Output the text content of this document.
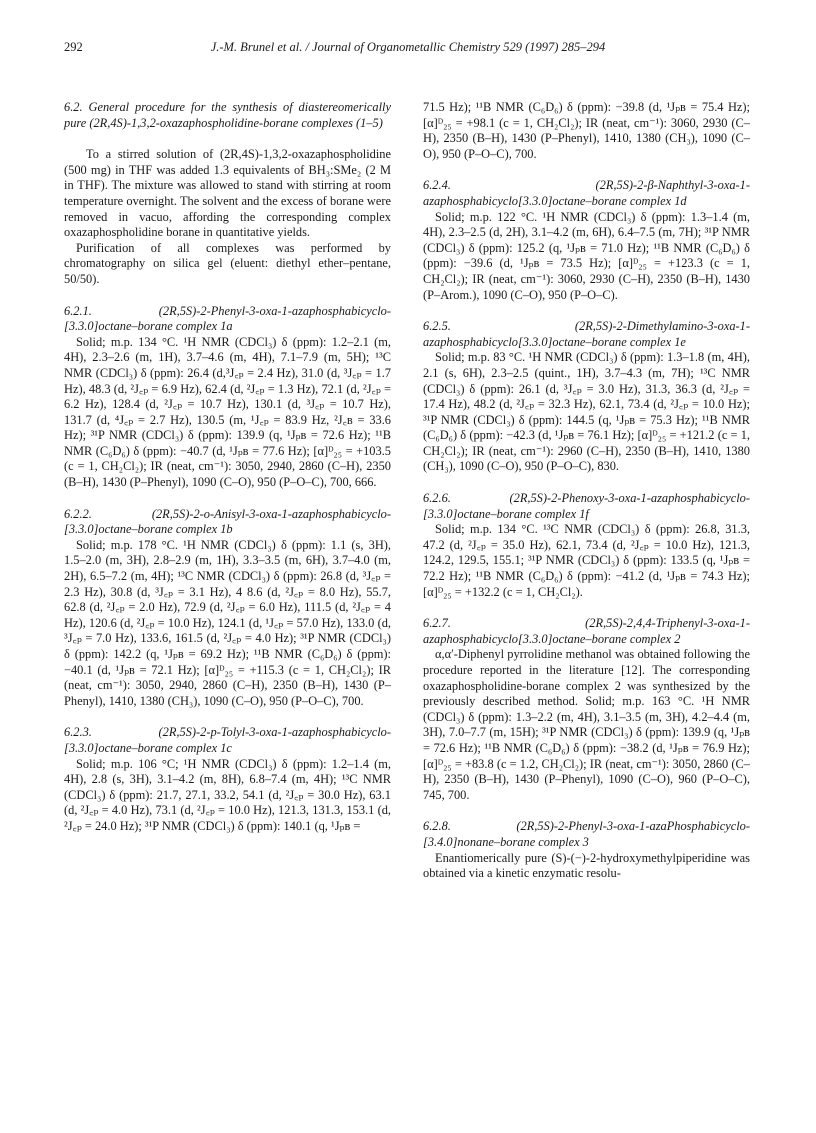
292	J.-M. Brunel et al. / Journal of Organometallic Chemistry 529 (1997) 285–294

6.2. General procedure for the synthesis of diastereomerically pure (2R,4S)-1,3,2-oxazaphospholidine-borane complexes (1–5)

To a stirred solution of (2R,4S)-1,3,2-oxazaphospholidine (500 mg) in THF was added 1.3 equivalents of BH₃:SMe₂ (2 M in THF). The mixture was allowed to stand with stirring at room temperature overnight. The solvent and the excess of borane were removed in vacuo, affording the corresponding complex oxazaphospholidine borane in quantitative yields.

Purification of all complexes was performed by chromatography on silica gel (eluent: diethyl ether–pentane, 50/50).

6.2.1. (2R,5S)-2-Phenyl-3-oxa-1-azaphosphabicyclo-[3.3.0]octane–borane complex 1a

Solid; m.p. 134 °C. ¹H NMR (CDCl₃) δ (ppm): 1.2–2.1 (m, 4H), 2.3–2.6 (m, 1H), 3.7–4.6 (m, 4H), 7.1–7.9 (m, 5H); ¹³C NMR (CDCl₃) δ (ppm): 26.4 (d,³J꜀ₚ = 2.4 Hz), 31.0 (d, ³J꜀ₚ = 1.7 Hz), 48.3 (d, ²J꜀ₚ = 6.9 Hz), 62.4 (d, ²J꜀ₚ = 1.3 Hz), 72.1 (d, ²J꜀ₚ = 6.2 Hz), 128.4 (d, ²J꜀ₚ = 10.7 Hz), 130.1 (d, ³J꜀ₚ = 10.7 Hz), 131.7 (d, ⁴J꜀ₚ = 2.7 Hz), 130.5 (m, ¹J꜀ₚ = 83.9 Hz, ²J꜀ʙ = 33.6 Hz); ³¹P NMR (CDCl₃) δ (ppm): 139.9 (q, ¹Jₚʙ = 72.6 Hz); ¹¹B NMR (C₆D₆) δ (ppm): −40.7 (d, ¹Jₚʙ = 77.6 Hz); [α]ᴰ₂₅ = +103.5 (c = 1, CH₂Cl₂); IR (neat, cm⁻¹): 3050, 2940, 2860 (C–H), 2350 (B–H), 1430 (P–Phenyl), 1090 (C–O), 950 (P–O–C), 700, 666.

6.2.2. (2R,5S)-2-o-Anisyl-3-oxa-1-azaphosphabicyclo-[3.3.0]octane–borane complex 1b

Solid; m.p. 178 °C. ¹H NMR (CDCl₃) δ (ppm): 1.1 (s, 3H), 1.5–2.0 (m, 3H), 2.8–2.9 (m, 1H), 3.3–3.5 (m, 6H), 3.7–4.0 (m, 2H), 6.5–7.2 (m, 4H); ¹³C NMR (CDCl₃) δ (ppm): 26.8 (d, ³J꜀ₚ = 2.3 Hz), 30.8 (d, ³J꜀ₚ = 3.1 Hz), 4 8.6 (d, ²J꜀ₚ = 8.0 Hz), 55.7, 62.8 (d, ²J꜀ₚ = 2.0 Hz), 72.9 (d, ²J꜀ₚ = 6.0 Hz), 111.5 (d, ²J꜀ₚ = 4 Hz), 120.6 (d, ²J꜀ₚ = 10.0 Hz), 124.1 (d, ¹J꜀ₚ = 57.0 Hz), 133.0 (d, ³J꜀ₚ = 7.0 Hz), 133.6, 161.5 (d, ²J꜀ₚ = 4.0 Hz); ³¹P NMR (CDCl₃) δ (ppm): 142.2 (q, ¹Jₚʙ = 69.2 Hz); ¹¹B NMR (C₆D₆) δ (ppm): −40.1 (d, ¹Jₚʙ = 72.1 Hz); [α]ᴰ₂₅ = +115.3 (c = 1, CH₂Cl₂); IR (neat, cm⁻¹): 3050, 2940, 2860 (C–H), 2350 (B–H), 1430 (P–Phenyl), 1410, 1380 (CH₃), 1090 (C–O), 950 (P–O–C), 700.

6.2.3. (2R,5S)-2-p-Tolyl-3-oxa-1-azaphosphabicyclo-[3.3.0]octane–borane complex 1c

Solid; m.p. 106 °C; ¹H NMR (CDCl₃) δ (ppm): 1.2–1.4 (m, 4H), 2.8 (s, 3H), 3.1–4.2 (m, 8H), 6.8–7.4 (m, 4H); ¹³C NMR (CDCl₃) δ (ppm): 21.7, 27.1, 33.2, 54.1 (d, ²J꜀ₚ = 30.0 Hz), 63.1 (d, ²J꜀ₚ = 4.0 Hz), 73.1 (d, ²J꜀ₚ = 10.0 Hz), 121.3, 131.3, 153.1 (d, ²J꜀ₚ = 24.0 Hz); ³¹P NMR (CDCl₃) δ (ppm): 140.1 (q, ¹Jₚʙ =

71.5 Hz); ¹¹B NMR (C₆D₆) δ (ppm): −39.8 (d, ¹Jₚʙ = 75.4 Hz); [α]ᴰ₂₅ = +98.1 (c = 1, CH₂Cl₂); IR (neat, cm⁻¹): 3060, 2930 (C–H), 2350 (B–H), 1430 (P–Phenyl), 1410, 1380 (CH₃), 1090 (C–O), 950 (P–O–C), 700.

6.2.4. (2R,5S)-2-β-Naphthyl-3-oxa-1-azaphosphabicyclo[3.3.0]octane–borane complex 1d

Solid; m.p. 122 °C. ¹H NMR (CDCl₃) δ (ppm): 1.3–1.4 (m, 4H), 2.3–2.5 (d, 2H), 3.1–4.2 (m, 6H), 6.4–7.5 (m, 7H); ³¹P NMR (CDCl₃) δ (ppm): 125.2 (q, ¹Jₚʙ = 71.0 Hz); ¹¹B NMR (C₆D₆) δ (ppm): −39.6 (d, ¹Jₚʙ = 73.5 Hz); [α]ᴰ₂₅ = +123.3 (c = 1, CH₂Cl₂); IR (neat, cm⁻¹): 3060, 2930 (C–H), 2350 (B–H), 1430 (P–Arom.), 1090 (C–O), 950 (P–O–C).

6.2.5. (2R,5S)-2-Dimethylamino-3-oxa-1-azaphosphabicyclo[3.3.0]octane–borane complex 1e

Solid; m.p. 83 °C. ¹H NMR (CDCl₃) δ (ppm): 1.3–1.8 (m, 4H), 2.1 (s, 6H), 2.3–2.5 (quint., 1H), 3.7–4.3 (m, 7H); ¹³C NMR (CDCl₃) δ (ppm): 26.1 (d, ³J꜀ₚ = 3.0 Hz), 31.3, 36.3 (d, ²J꜀ₚ = 17.4 Hz), 48.2 (d, ²J꜀ₚ = 32.3 Hz), 62.1, 73.4 (d, ²J꜀ₚ = 10.0 Hz); ³¹P NMR (CDCl₃) δ (ppm): 144.5 (q, ¹Jₚʙ = 75.3 Hz); ¹¹B NMR (C₆D₆) δ (ppm): −42.3 (d, ¹Jₚʙ = 76.1 Hz); [α]ᴰ₂₅ = +121.2 (c = 1, CH₂Cl₂); IR (neat, cm⁻¹): 2960 (C–H), 2350 (B–H), 1410, 1380 (CH₃), 1090 (C–O), 950 (P–O–C), 830.

6.2.6. (2R,5S)-2-Phenoxy-3-oxa-1-azaphosphabicyclo-[3.3.0]octane–borane complex 1f

Solid; m.p. 134 °C. ¹³C NMR (CDCl₃) δ (ppm): 26.8, 31.3, 47.2 (d, ²J꜀ₚ = 35.0 Hz), 62.1, 73.4 (d, ²J꜀ₚ = 10.0 Hz), 121.3, 124.2, 129.5, 155.1; ³¹P NMR (CDCl₃) δ (ppm): 133.5 (q, ¹Jₚʙ = 72.2 Hz); ¹¹B NMR (C₆D₆) δ (ppm): −41.2 (d, ¹Jₚʙ = 74.3 Hz); [α]ᴰ₂₅ = +132.2 (c = 1, CH₂Cl₂).

6.2.7. (2R,5S)-2,4,4-Triphenyl-3-oxa-1-azaphosphabicyclo[3.3.0]octane–borane complex 2

α,α′-Diphenyl pyrrolidine methanol was obtained following the procedure reported in the literature [12]. The corresponding oxazaphospholidine-borane complex 2 was synthesized by the previously described method. Solid; m.p. 163 °C. ¹H NMR (CDCl₃) δ (ppm): 1.3–2.2 (m, 4H), 3.1–3.5 (m, 3H), 4.2–4.4 (m, 3H), 7.0–7.7 (m, 15H); ³¹P NMR (CDCl₃) δ (ppm): 139.9 (q, ¹Jₚʙ = 72.6 Hz); ¹¹B NMR (C₆D₆) δ (ppm): −38.2 (d, ¹Jₚʙ = 76.9 Hz); [α]ᴰ₂₅ = +83.8 (c = 1.2, CH₂Cl₂); IR (neat, cm⁻¹): 3050, 2860 (C–H), 2350 (B–H), 1430 (P–Phenyl), 1090 (C–O), 960 (P–O–C), 745, 700.

6.2.8. (2R,5S)-2-Phenyl-3-oxa-1-azaPhosphabicyclo-[3.4.0]nonane–borane complex 3

Enantiomerically pure (S)-(−)-2-hydroxymethylpiperidine was obtained via a kinetic enzymatic resolu-
